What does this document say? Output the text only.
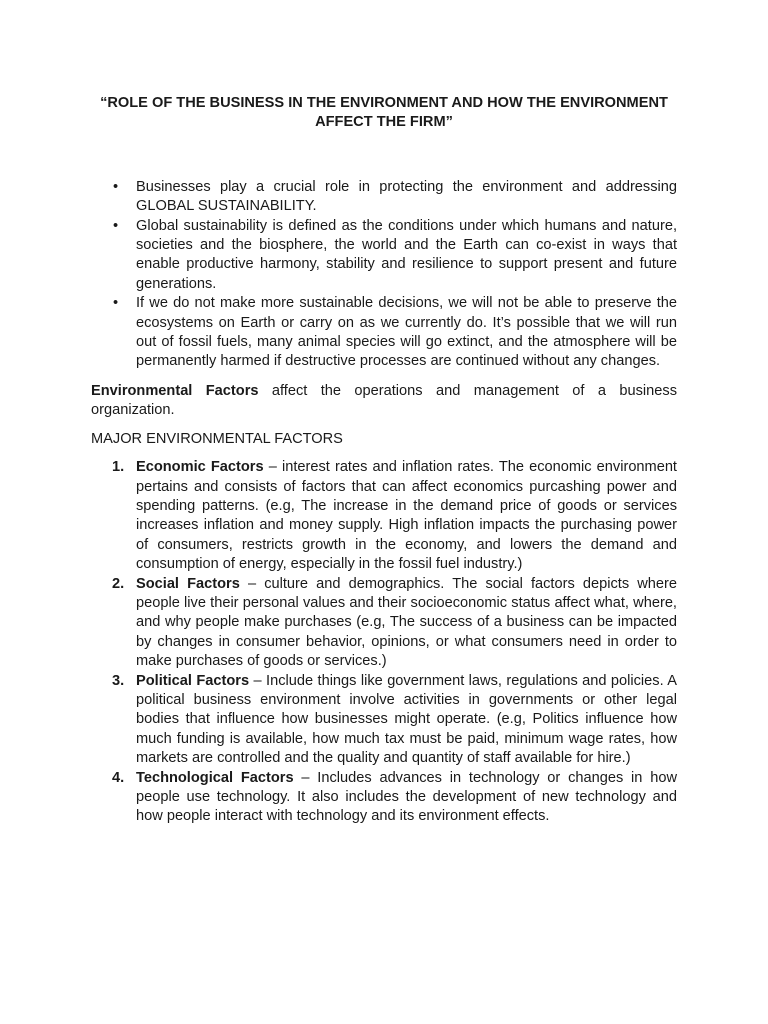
“ROLE OF THE BUSINESS IN THE ENVIRONMENT AND HOW THE ENVIRONMENT AFFECT THE FIRM”
• Businesses play a crucial role in protecting the environment and addressing GLOBAL SUSTAINABILITY.
• Global sustainability is defined as the conditions under which humans and nature, societies and the biosphere, the world and the Earth can co-exist in ways that enable productive harmony, stability and resilience to support present and future generations.
• If we do not make more sustainable decisions, we will not be able to preserve the ecosystems on Earth or carry on as we currently do. It’s possible that we will run out of fossil fuels, many animal species will go extinct, and the atmosphere will be permanently harmed if destructive processes are continued without any changes.

Environmental Factors affect the operations and management of a business organization.

MAJOR ENVIRONMENTAL FACTORS
1. Economic Factors – interest rates and inflation rates. The economic environment pertains and consists of factors that can affect economics purcashing power and spending patterns. (e.g, The increase in the demand price of goods or services increases inflation and money supply. High inflation impacts the purchasing power of consumers, restricts growth in the economy, and lowers the demand and consumption of energy, especially in the fossil fuel industry.)
2. Social Factors – culture and demographics. The social factors depicts where people live their personal values and their socioeconomic status affect what, where, and why people make purchases (e.g, The success of a business can be impacted by changes in consumer behavior, opinions, or what consumers need in order to make purchases of goods or services.)
3. Political Factors – Include things like government laws, regulations and policies. A political business environment involve activities in governments or other legal bodies that influence how businesses might operate. (e.g, Politics influence how much funding is available, how much tax must be paid, minimum wage rates, how markets are controlled and the quality and quantity of staff available for hire.)
4. Technological Factors – Includes advances in technology or changes in how people use technology. It also includes the development of new technology and how people interact with technology and its environment effects.
